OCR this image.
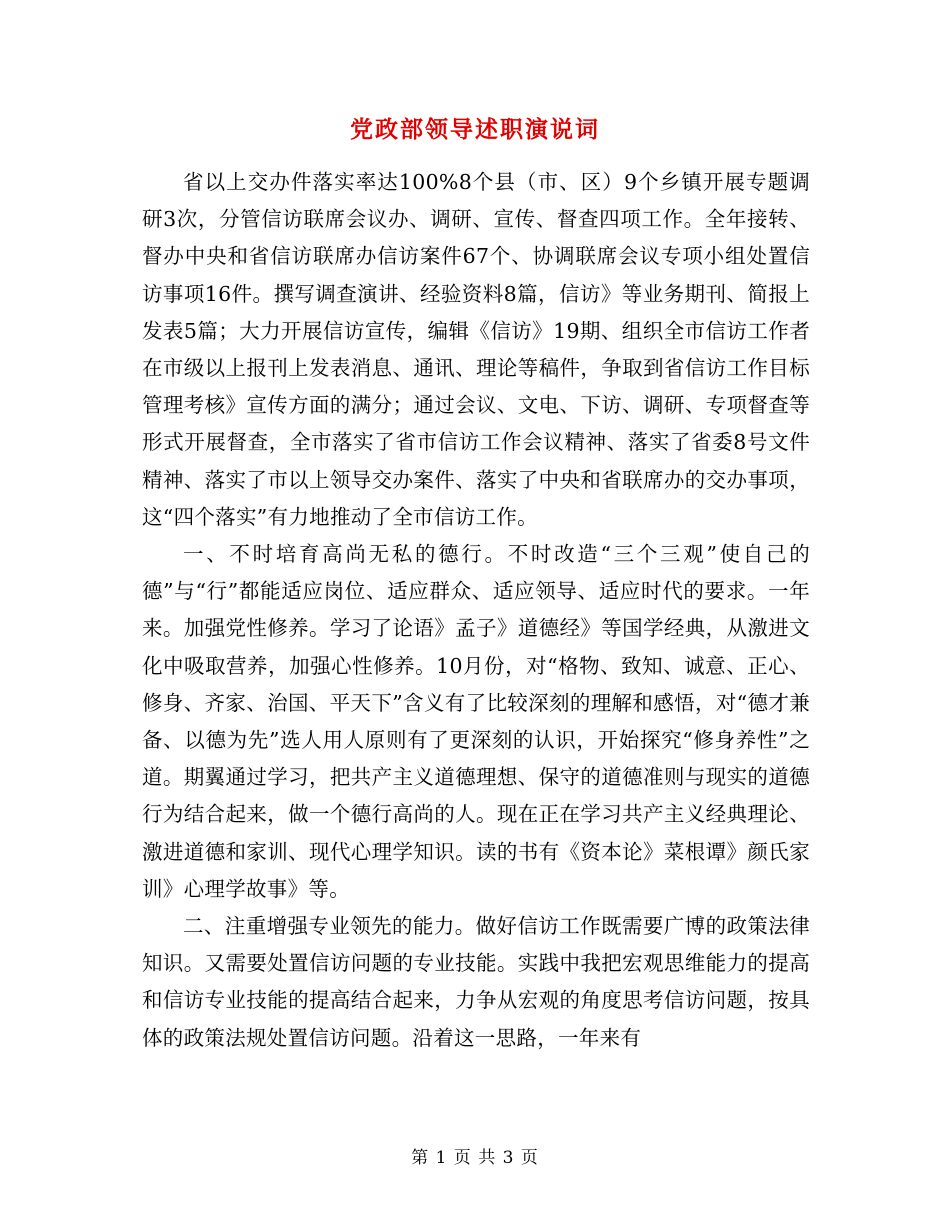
党政部领导述职演说词

省以上交办件落实率达100%8个县（市、区）9个乡镇开展专题调研3次，分管信访联席会议办、调研、宣传、督查四项工作。全年接转、督办中央和省信访联席办信访案件67个、协调联席会议专项小组处置信访事项16件。撰写调查演讲、经验资料8篇，信访》等业务期刊、简报上发表5篇；大力开展信访宣传，编辑《信访》19期、组织全市信访工作者在市级以上报刊上发表消息、通讯、理论等稿件，争取到省信访工作目标管理考核》宣传方面的满分；通过会议、文电、下访、调研、专项督查等形式开展督查，全市落实了省市信访工作会议精神、落实了省委8号文件精神、落实了市以上领导交办案件、落实了中央和省联席办的交办事项，这“四个落实”有力地推动了全市信访工作。

一、不时培育高尚无私的德行。不时改造“三个三观”使自己的德”与“行”都能适应岗位、适应群众、适应领导、适应时代的要求。一年来。加强党性修养。学习了论语》孟子》道德经》等国学经典，从激进文化中吸取营养，加强心性修养。10月份，对“格物、致知、诚意、正心、修身、齐家、治国、平天下”含义有了比较深刻的理解和感悟，对“德才兼备、以德为先”选人用人原则有了更深刻的认识，开始探究“修身养性”之道。期翼通过学习，把共产主义道德理想、保守的道德准则与现实的道德行为结合起来，做一个德行高尚的人。现在正在学习共产主义经典理论、激进道德和家训、现代心理学知识。读的书有《资本论》菜根谭》颜氏家训》心理学故事》等。

二、注重增强专业领先的能力。做好信访工作既需要广博的政策法律知识。又需要处置信访问题的专业技能。实践中我把宏观思维能力的提高和信访专业技能的提高结合起来，力争从宏观的角度思考信访问题，按具体的政策法规处置信访问题。沿着这一思路，一年来有

第 1 页 共 3 页
